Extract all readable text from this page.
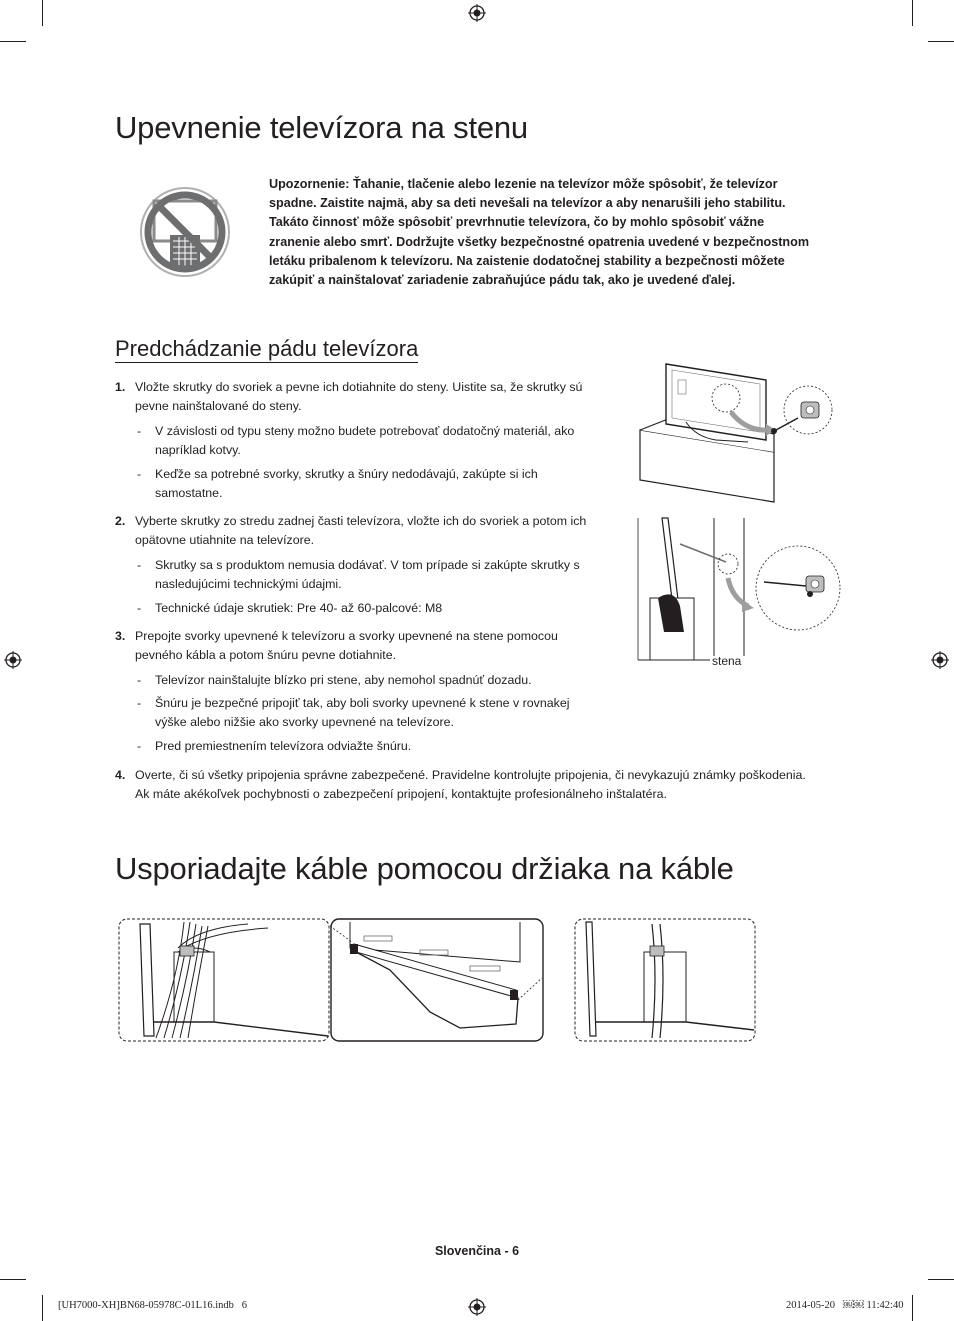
Upevnenie televízora na stenu
Upozornenie: Ťahanie, tlačenie alebo lezenie na televízor môže spôsobiť, že televízor
spadne. Zaistite najmä, aby sa deti nevešali na televízor a aby nenarušili jeho stabilitu.
Takáto činnosť môže spôsobiť prevrhnutie televízora, čo by mohlo spôsobiť vážne
zranenie alebo smrť. Dodržujte všetky bezpečnostné opatrenia uvedené v bezpečnostnom
letáku pribalenom k televízoru. Na zaistenie dodatočnej stability a bezpečnosti môžete
zakúpiť a nainštalovať zariadenie zabraňujúce pádu tak, ako je uvedené ďalej.
Predchádzanie pádu televízora
1. Vložte skrutky do svoriek a pevne ich dotiahnite do steny. Uistite sa, že skrutky sú
pevne nainštalované do steny.
- V závislosti od typu steny možno budete potrebovať dodatočný materiál, ako
napríklad kotvy.
- Keďže sa potrebné svorky, skrutky a šnúry nedodávajú, zakúpte si ich
samostatne.
2. Vyberte skrutky zo stredu zadnej časti televízora, vložte ich do svoriek a potom ich
opätovne utiahnite na televízore.
- Skrutky sa s produktom nemusia dodávať. V tom prípade si zakúpte skrutky s
nasledujúcimi technickými údajmi.
- Technické údaje skrutiek: Pre 40- až 60-palcové: M8
3. Prepojte svorky upevnené k televízoru a svorky upevnené na stene pomocou
pevného kábla a potom šnúru pevne dotiahnite.
- Televízor nainštalujte blízko pri stene, aby nemohol spadnúť dozadu.
- Šnúru je bezpečné pripojiť tak, aby boli svorky upevnené k stene v rovnakej
výške alebo nižšie ako svorky upevnené na televízore.
- Pred premiestnením televízora odviažte šnúru.
4. Overte, či sú všetky pripojenia správne zabezpečené. Pravidelne kontrolujte pripojenia, či nevykazujú známky poškodenia.
Ak máte akékoľvek pochybnosti o zabezpečení pripojení, kontaktujte profesionálneho inštalatéra.
stena
Usporiadajte káble pomocou držiaka na káble
Slovenčina - 6
[UH7000-XH]BN68-05978C-01L16.indb   6	2014-05-20   ￼￼ 11:42:40
